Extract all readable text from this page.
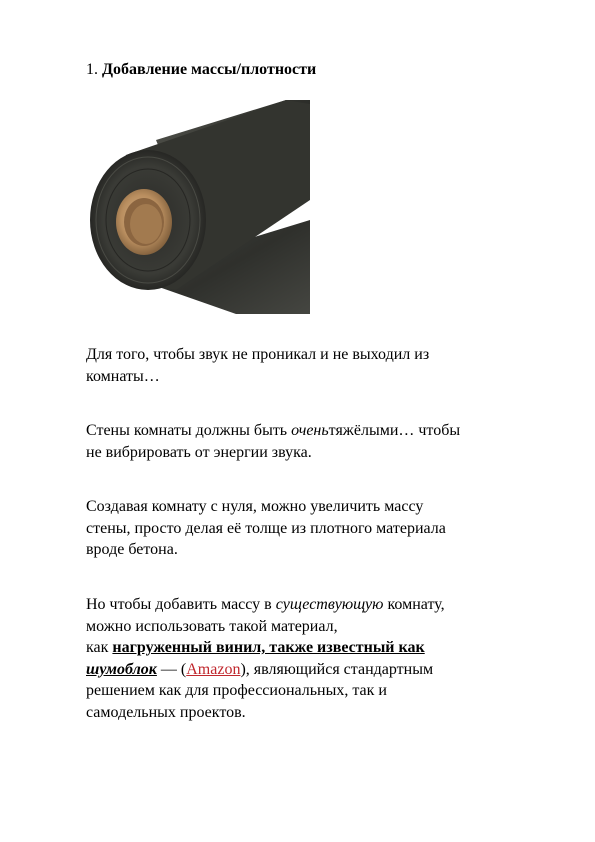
1. Добавление массы/плотности

Для того, чтобы звук не проникал и не выходил из
комнаты…

Стены комнаты должны быть оченьтяжёлыми… чтобы
не вибрировать от энергии звука.

Создавая комнату с нуля, можно увеличить массу
стены, просто делая её толще из плотного материала
вроде бетона.

Но чтобы добавить массу в существующую комнату,
можно использовать такой материал,
как нагруженный винил, также известный как
шумоблок — (Amazon), являющийся стандартным
решением как для профессиональных, так и
самодельных проектов.
